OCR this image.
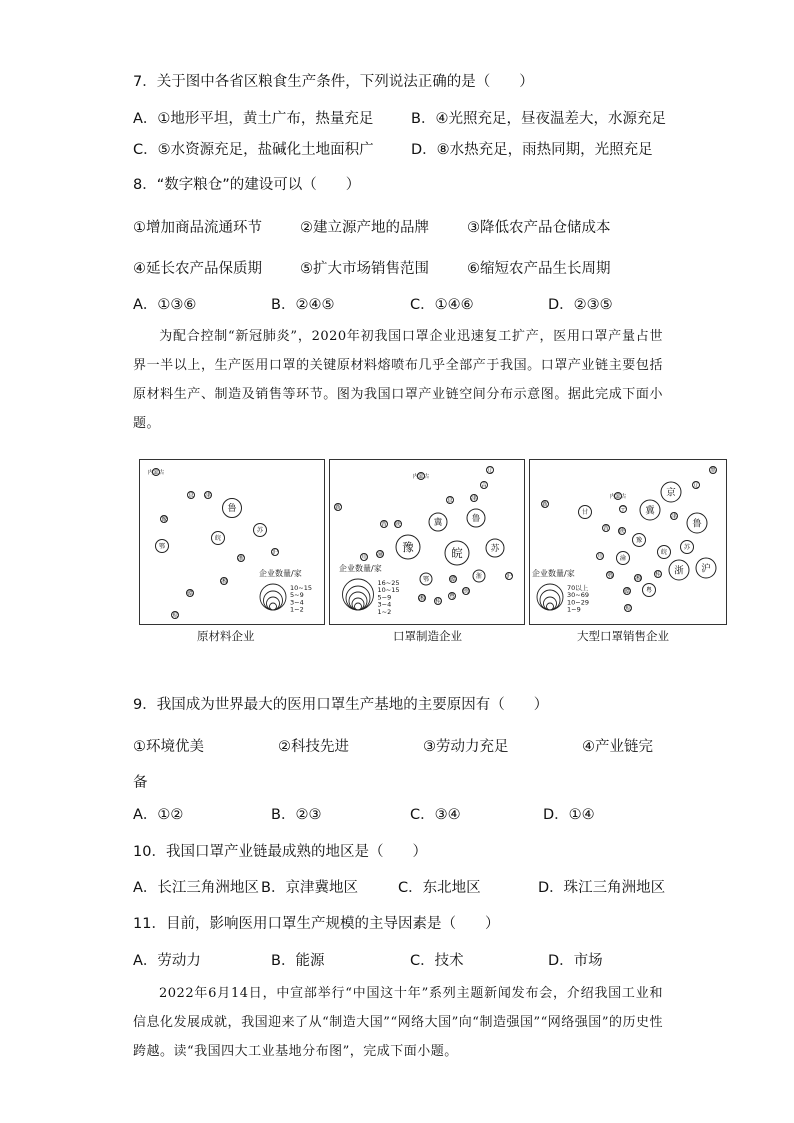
7．关于图中各省区粮食生产条件，下列说法正确的是（　　）
A．①地形平坦，黄土广布，热量充足	B．④光照充足，昼夜温差大，水源充足
C．⑤水资源充足，盐碱化土地面积广	D．⑧水热充足，雨热同期，光照充足
8．“数字粮仓”的建设可以（　　）
①增加商品流通环节	②建立源产地的品牌	③降低农产品仓储成本
④延长农产品保质期	⑤扩大市场销售范围	⑥缩短农产品生长周期
A．①③⑥	B．②④⑤	C．①④⑥	D．②③⑤
为配合控制“新冠肺炎”，2020年初我国口罩企业迅速复工扩产，医用口罩产量占世界一半以上，生产医用口罩的关键原材料熔喷布几乎全部产于我国。口罩产业链主要包括原材料生产、制造及销售等环节。图为我国口罩产业链空间分布示意图。据此完成下面小题。
内蒙古
京 津
鲁
豫
苏
鄂
皖
浙
沪
湘
赣
琼
企业数量/家
10~15
5~9
3~4
1~2
内蒙古
辽
吉
新
晋 陕
京	津
冀	鲁
豫	皖	苏
川 渝
鄂	赣	浙	沪
湘 桂
粤
闽
企业数量/家
16~25
10~15
5~9
3~4
1~2
黑
辽
内蒙古
新
京
甘	宁
晋
冀
津
鲁
陕
豫
川	渝
鄂
皖
苏
浙 沪
湘
赣
桂
粤
琼
企业数量/家
70以上
30~69
10~29
1~9
原材料企业	口罩制造企业	大型口罩销售企业
9．我国成为世界最大的医用口罩生产基地的主要原因有（　　）
①环境优美	②科技先进	③劳动力充足	④产业链完
备
A．①②	B．②③	C．③④	D．①④
10．我国口罩产业链最成熟的地区是（　　）
A．长江三角洲地区 B．京津冀地区	C．东北地区	D．珠江三角洲地区
11．目前，影响医用口罩生产规模的主导因素是（　　）
A．劳动力	B．能源	C．技术	D．市场
2022年6月14日，中宣部举行“中国这十年”系列主题新闻发布会，介绍我国工业和信息化发展成就，我国迎来了从“制造大国”“网络大国”向“制造强国”“网络强国”的历史性跨越。读“我国四大工业基地分布图”，完成下面小题。
